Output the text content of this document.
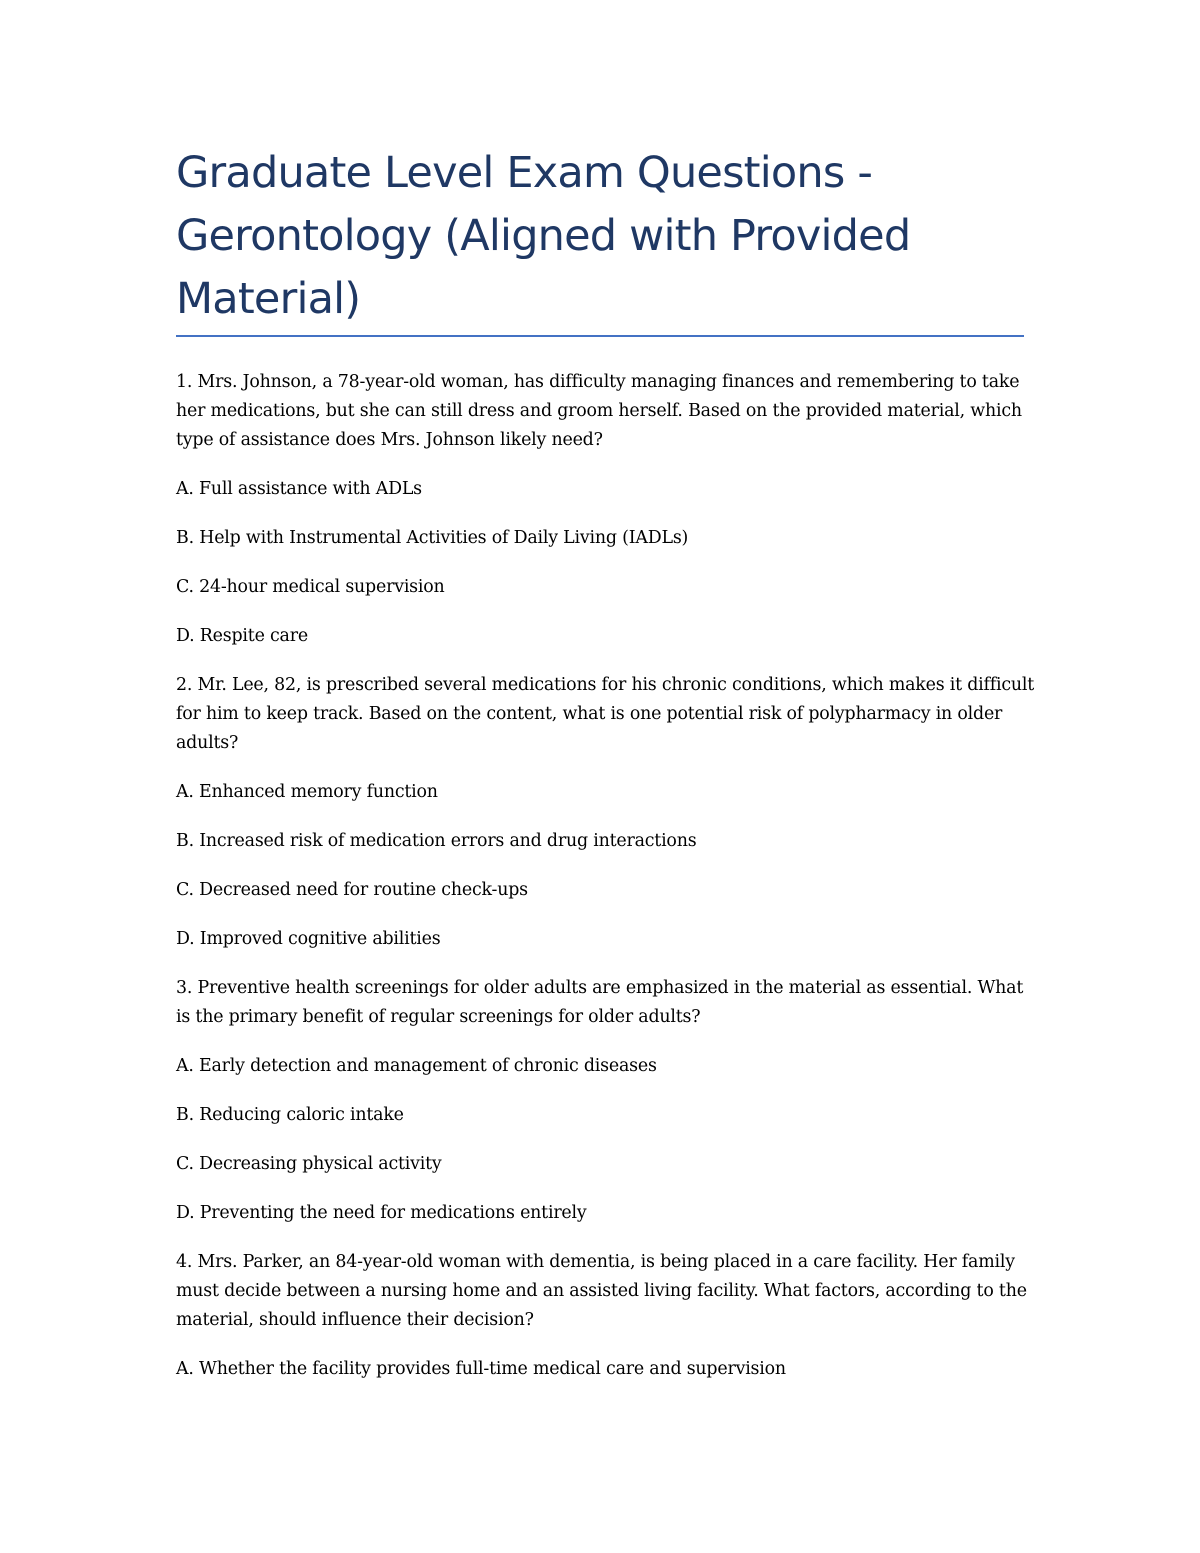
Graduate Level Exam Questions - Gerontology (Aligned with Provided Material)

1. Mrs. Johnson, a 78-year-old woman, has difficulty managing finances and remembering to take her medications, but she can still dress and groom herself. Based on the provided material, which type of assistance does Mrs. Johnson likely need?

A. Full assistance with ADLs

B. Help with Instrumental Activities of Daily Living (IADLs)

C. 24-hour medical supervision

D. Respite care

2. Mr. Lee, 82, is prescribed several medications for his chronic conditions, which makes it difficult for him to keep track. Based on the content, what is one potential risk of polypharmacy in older adults?

A. Enhanced memory function

B. Increased risk of medication errors and drug interactions

C. Decreased need for routine check-ups

D. Improved cognitive abilities

3. Preventive health screenings for older adults are emphasized in the material as essential. What is the primary benefit of regular screenings for older adults?

A. Early detection and management of chronic diseases

B. Reducing caloric intake

C. Decreasing physical activity

D. Preventing the need for medications entirely

4. Mrs. Parker, an 84-year-old woman with dementia, is being placed in a care facility. Her family must decide between a nursing home and an assisted living facility. What factors, according to the material, should influence their decision?

A. Whether the facility provides full-time medical care and supervision
